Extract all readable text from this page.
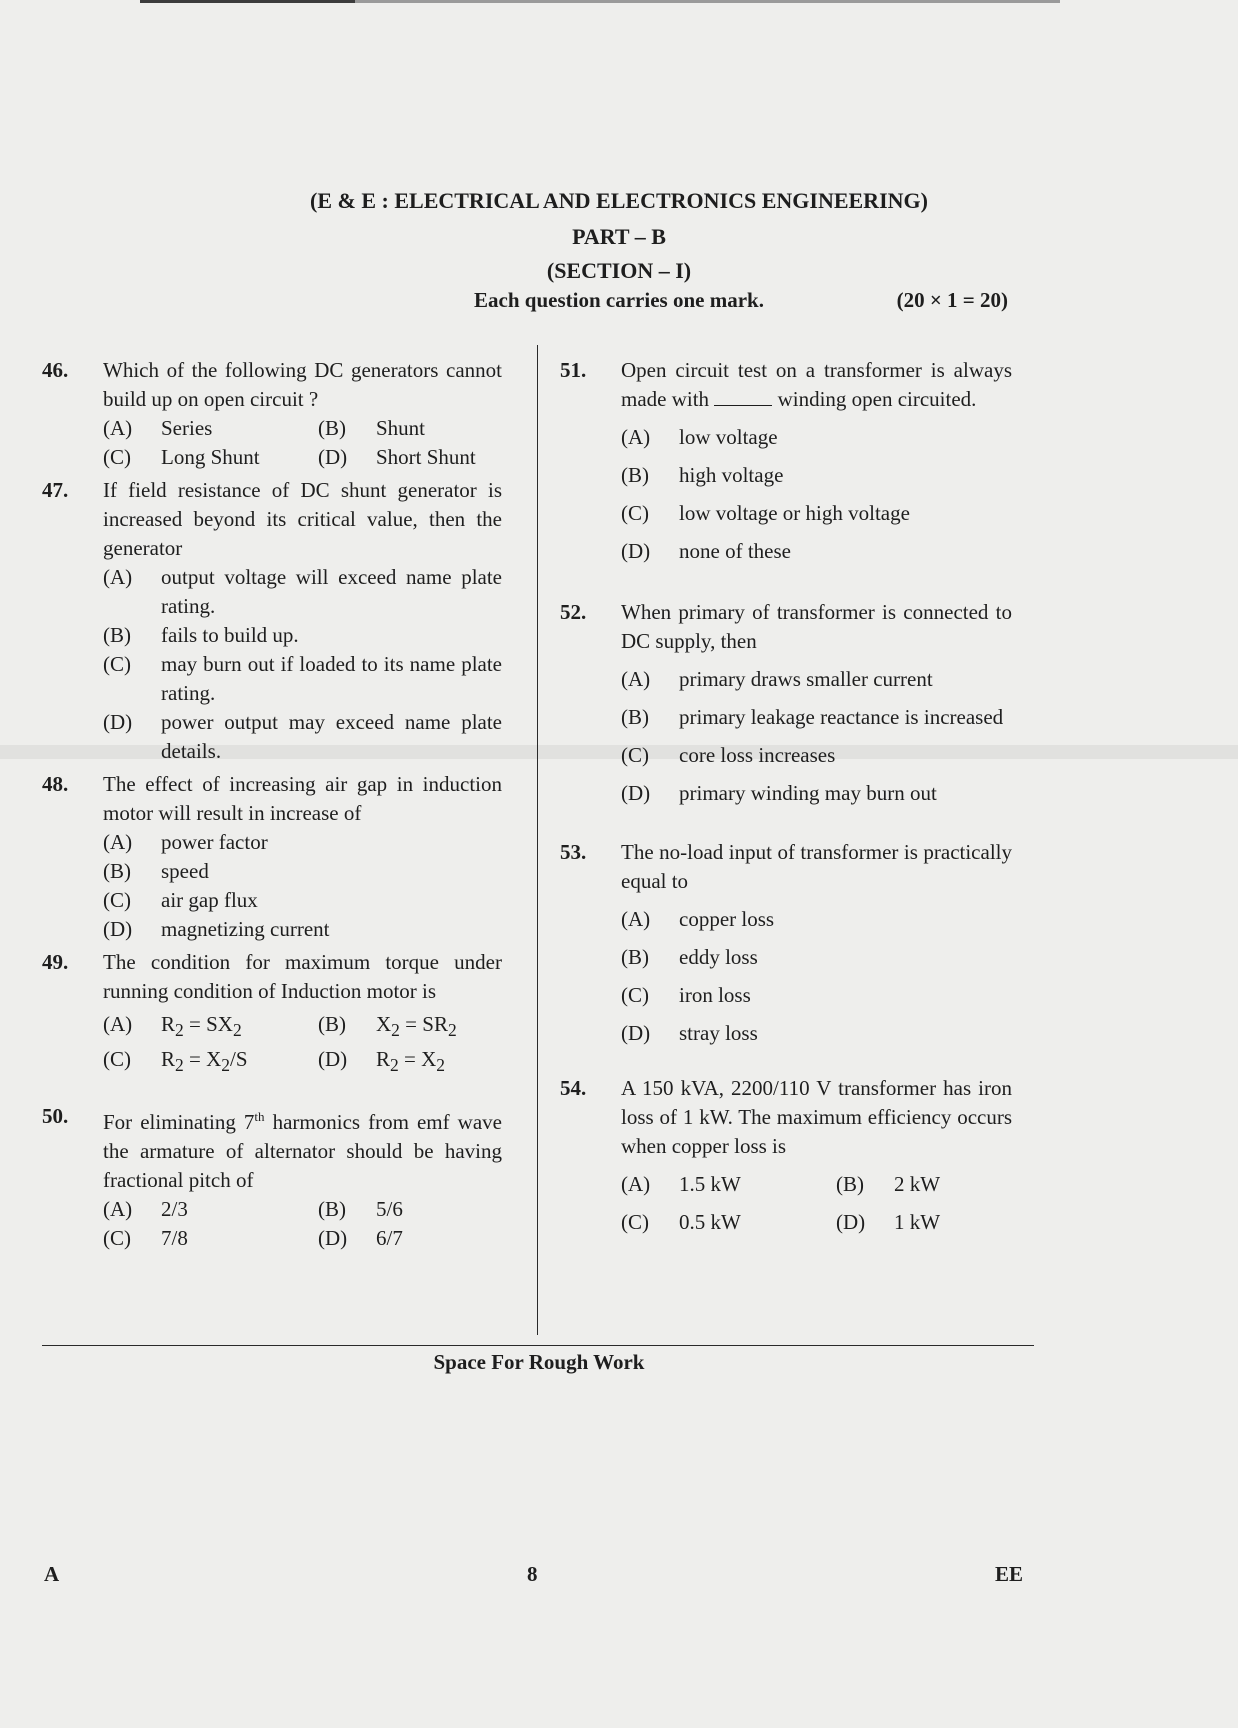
(E & E : ELECTRICAL AND ELECTRONICS ENGINEERING)
PART – B
(SECTION – I)
Each question carries one mark.	(20 × 1 = 20)
46.	Which of the following DC generators cannot build up on open circuit ?
(A)	Series	(B)	Shunt
(C)	Long Shunt	(D)	Short Shunt
47.	If field resistance of DC shunt generator is increased beyond its critical value, then the generator
(A)	output voltage will exceed name plate rating.
(B)	fails to build up.
(C)	may burn out if loaded to its name plate rating.
(D)	power output may exceed name plate details.
48.	The effect of increasing air gap in induction motor will result in increase of
(A)	power factor
(B)	speed
(C)	air gap flux
(D)	magnetizing current
49.	The condition for maximum torque under running condition of Induction motor is
(A)	$R_2 = SX_2$	(B)	$X_2 = SR_2$
(C)	$R_2 = X_2/S$	(D)	$R_2 = X_2$
50.	For eliminating 7th harmonics from emf wave the armature of alternator should be having fractional pitch of
(A)	2/3	(B)	5/6
(C)	7/8	(D)	6/7
51.	Open circuit test on a transformer is always made with	winding open circuited.
(A)	low voltage
(B)	high voltage
(C)	low voltage or high voltage
(D)	none of these
52.	When primary of transformer is connected to DC supply, then
(A)	primary draws smaller current
(B)	primary leakage reactance is increased
(C)	core loss increases
(D)	primary winding may burn out
53.	The no-load input of transformer is practically equal to
(A)	copper loss
(B)	eddy loss
(C)	iron loss
(D)	stray loss
54.	A 150 kVA, 2200/110 V transformer has iron loss of 1 kW. The maximum efficiency occurs when copper loss is
(A)	1.5 kW	(B)	2 kW
(C)	0.5 kW	(D)	1 kW
Space For Rough Work
A	8	EE
